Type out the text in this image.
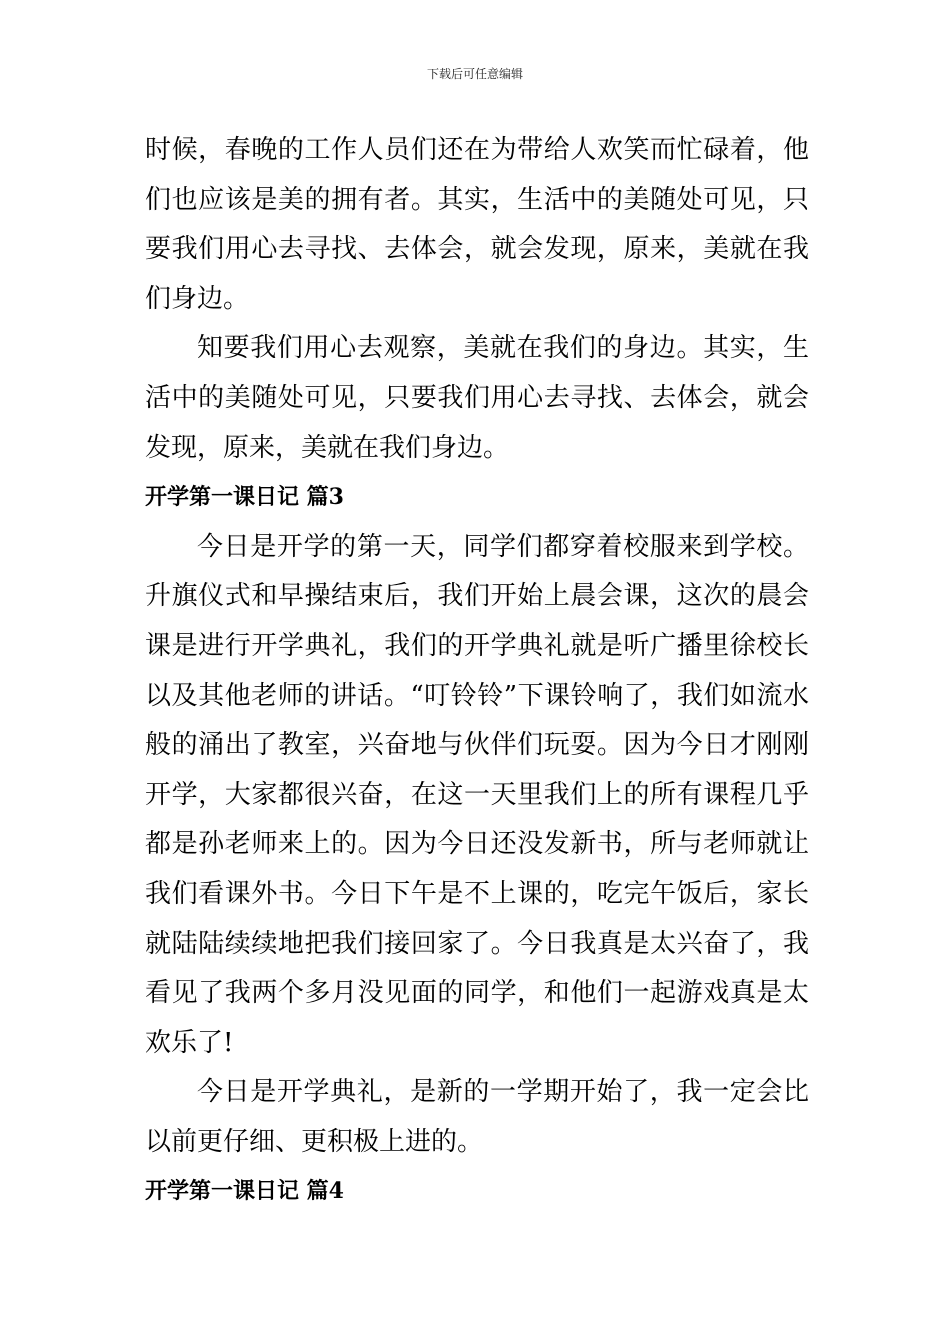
下载后可任意编辑

时候，春晚的工作人员们还在为带给人欢笑而忙碌着，他们也应该是美的拥有者。其实，生活中的美随处可见，只要我们用心去寻找、去体会，就会发现，原来，美就在我们身边。

知要我们用心去观察，美就在我们的身边。其实，生活中的美随处可见，只要我们用心去寻找、去体会，就会发现，原来，美就在我们身边。

开学第一课日记 篇3

今日是开学的第一天，同学们都穿着校服来到学校。升旗仪式和早操结束后，我们开始上晨会课，这次的晨会课是进行开学典礼，我们的开学典礼就是听广播里徐校长以及其他老师的讲话。“叮铃铃”下课铃响了，我们如流水般的涌出了教室，兴奋地与伙伴们玩耍。因为今日才刚刚开学，大家都很兴奋，在这一天里我们上的所有课程几乎都是孙老师来上的。因为今日还没发新书，所与老师就让我们看课外书。今日下午是不上课的，吃完午饭后，家长就陆陆续续地把我们接回家了。今日我真是太兴奋了，我看见了我两个多月没见面的同学，和他们一起游戏真是太欢乐了!

今日是开学典礼，是新的一学期开始了，我一定会比以前更仔细、更积极上进的。

开学第一课日记 篇4
